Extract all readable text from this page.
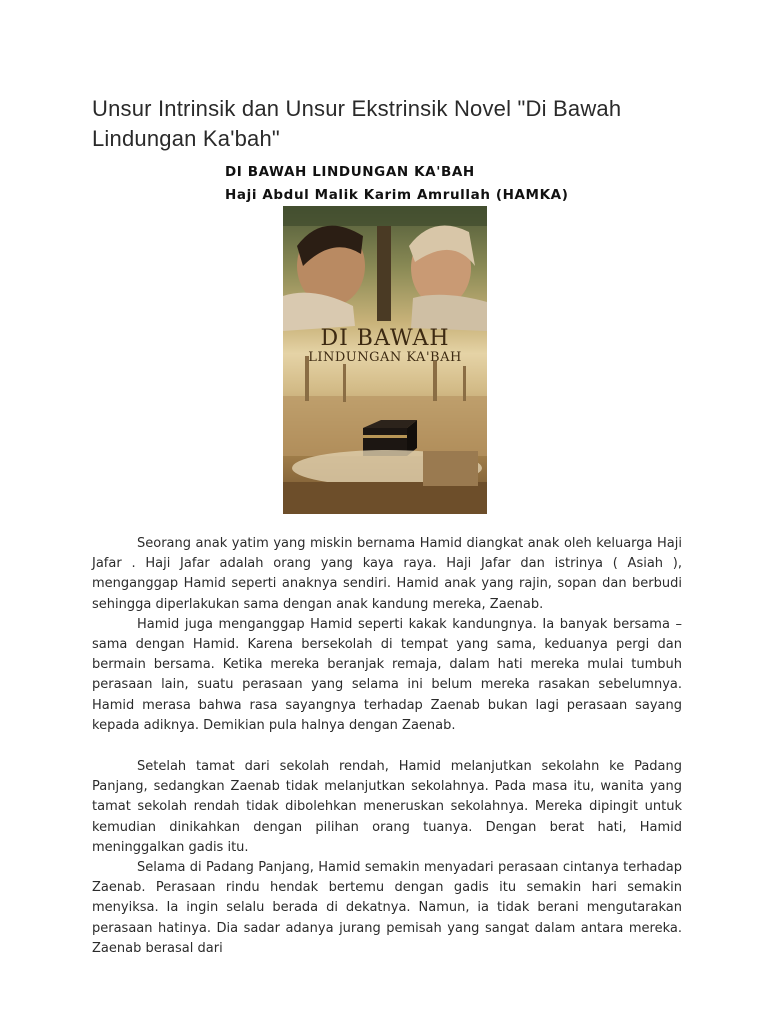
Unsur Intrinsik dan Unsur Ekstrinsik Novel "Di Bawah Lindungan Ka'bah"
DI BAWAH LINDUNGAN KA'BAH
Haji Abdul Malik Karim Amrullah (HAMKA)
DI BAWAH
LINDUNGAN KA'BAH

Seorang anak yatim yang miskin bernama Hamid diangkat anak oleh keluarga Haji Jafar . Haji Jafar adalah orang yang kaya raya. Haji Jafar dan istrinya ( Asiah ), menganggap Hamid seperti anaknya sendiri. Hamid anak yang rajin, sopan dan berbudi sehingga diperlakukan sama dengan anak kandung mereka, Zaenab.

Hamid juga menganggap Hamid seperti kakak kandungnya. Ia banyak bersama – sama dengan Hamid. Karena bersekolah di tempat yang sama, keduanya pergi dan bermain bersama. Ketika mereka beranjak remaja, dalam hati mereka mulai tumbuh perasaan lain, suatu perasaan yang selama ini belum mereka rasakan sebelumnya. Hamid merasa bahwa rasa sayangnya terhadap Zaenab bukan lagi perasaan sayang kepada adiknya. Demikian pula halnya dengan Zaenab.

Setelah tamat dari sekolah rendah, Hamid melanjutkan sekolahn ke Padang Panjang, sedangkan Zaenab tidak melanjutkan sekolahnya. Pada masa itu, wanita yang tamat sekolah rendah tidak dibolehkan meneruskan sekolahnya. Mereka dipingit untuk kemudian dinikahkan dengan pilihan orang tuanya. Dengan berat hati, Hamid meninggalkan gadis itu.

Selama di Padang Panjang, Hamid semakin menyadari perasaan cintanya terhadap Zaenab. Perasaan rindu hendak bertemu dengan gadis itu semakin hari semakin menyiksa. Ia ingin selalu berada di dekatnya. Namun, ia tidak berani mengutarakan perasaan hatinya. Dia sadar adanya jurang pemisah yang sangat dalam antara mereka. Zaenab berasal dari
